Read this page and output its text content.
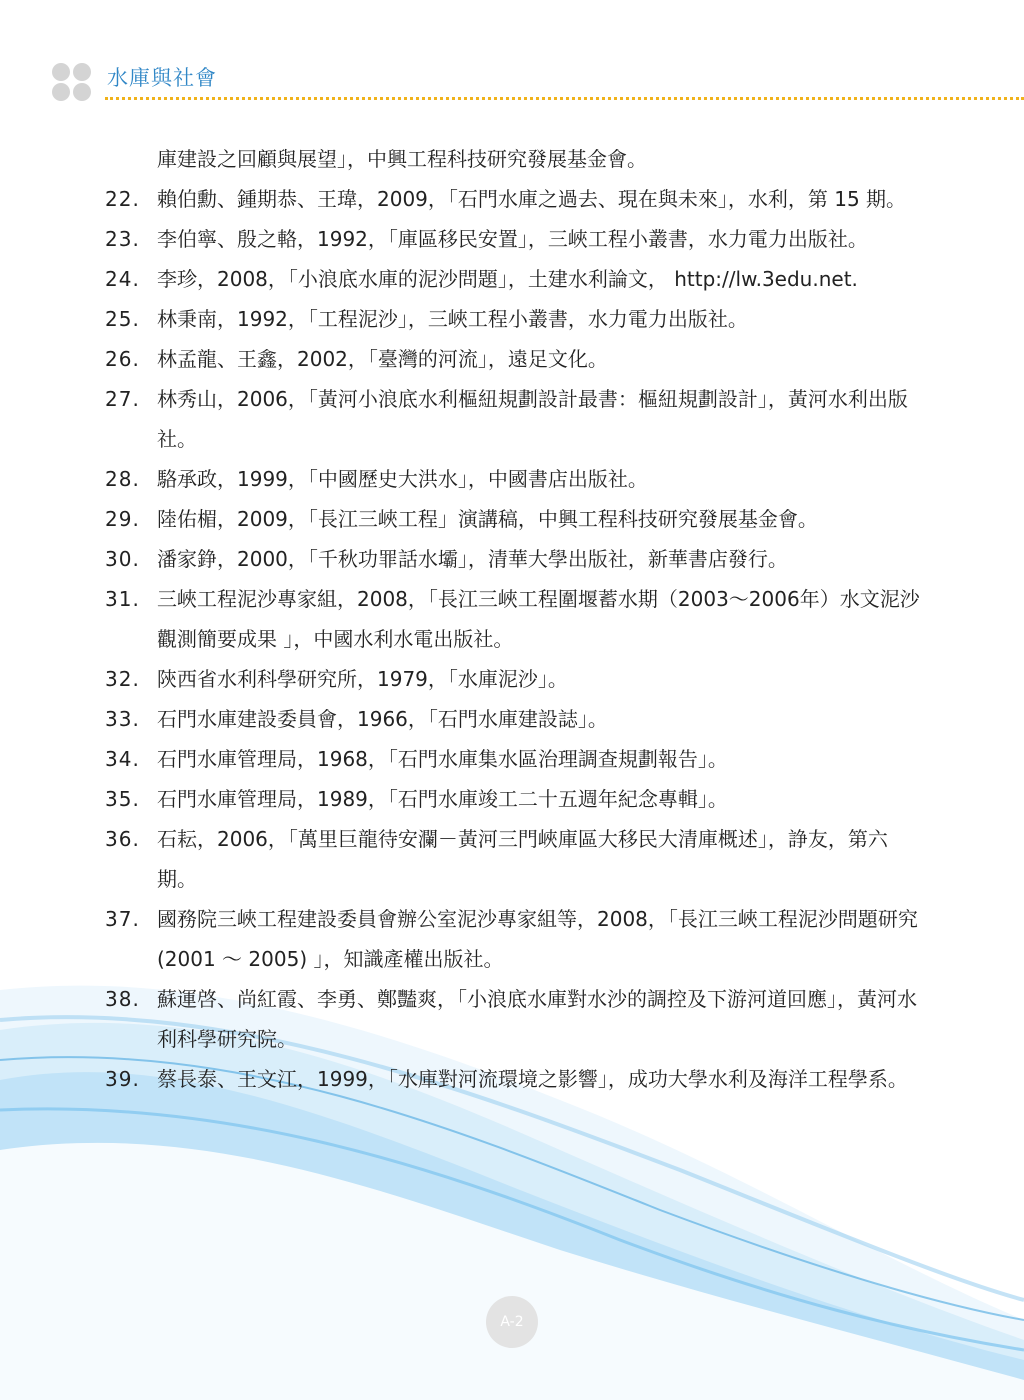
水庫與社會
庫建設之回顧與展望」，中興工程科技研究發展基金會。
22. 賴伯勳、鍾期恭、王瑋，2009，「石門水庫之過去、現在與未來」，水利，第 15 期。
23. 李伯寧、殷之輅，1992，「庫區移民安置」，三峽工程小叢書，水力電力出版社。
24. 李珍，2008，「小浪底水庫的泥沙問題」，土建水利論文， http://lw.3edu.net.
25. 林秉南，1992，「工程泥沙」，三峽工程小叢書，水力電力出版社。
26. 林孟龍、王鑫，2002，「臺灣的河流」，遠足文化。
27. 林秀山，2006，「黃河小浪底水利樞紐規劃設計最書：樞紐規劃設計」，黃河水利出版社。
28. 駱承政，1999，「中國歷史大洪水」，中國書店出版社。
29. 陸佑楣，2009，「長江三峽工程」演講稿，中興工程科技研究發展基金會。
30. 潘家錚，2000，「千秋功罪話水壩」，清華大學出版社，新華書店發行。
31. 三峽工程泥沙專家組，2008，「長江三峽工程圍堰蓄水期（2003～2006年）水文泥沙觀測簡要成果 」，中國水利水電出版社。
32. 陝西省水利科學研究所，1979，「水庫泥沙」。
33. 石門水庫建設委員會，1966，「石門水庫建設誌」。
34. 石門水庫管理局，1968，「石門水庫集水區治理調查規劃報告」。
35. 石門水庫管理局，1989，「石門水庫竣工二十五週年紀念專輯」。
36. 石耘，2006，「萬里巨龍待安瀾－黃河三門峽庫區大移民大清庫概述」，諍友，第六期。
37. 國務院三峽工程建設委員會辦公室泥沙專家組等，2008，「長江三峽工程泥沙問題研究 (2001 ～ 2005) 」，知識產權出版社。
38. 蘇運啓、尚紅霞、李勇、鄭豔爽，「小浪底水庫對水沙的調控及下游河道回應」，黃河水利科學研究院。
39. 蔡長泰、王文江，1999，「水庫對河流環境之影響」，成功大學水利及海洋工程學系。
A-2
